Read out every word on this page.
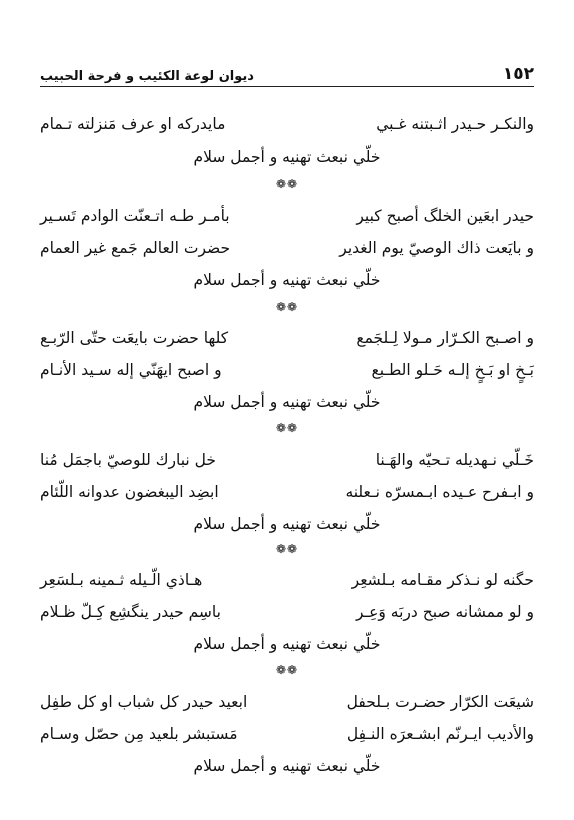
١٥٢
ديوان لوعة الكئيب و فرحة الحبيب
والنكـر حـيدر اثـبتنه غـبي
مايدركه او عرف مَنزلته تـمام
خلّي نبعث تهنيه و أجمل سلام
❁❁
حيدر ابعَين الخلگ أصبح كبير
بأمـر طـه اتـعنّت الوادم تَسـير
و بايَعت ذاك الوصيّ يوم الغدير
حضرت العالم جَمع غير العمام
خلّي نبعث تهنيه و أجمل سلام
❁❁
و اصـبح الكـرّار مـولا لِـلجَمع
كلها حضرت بايعَت حتّى الرّبـع
بَـخٍ او بَـخٍ إلـه حَـلو الطـبع
و اصبح ايهَنّي إله سـيد الأنـام
خلّي نبعث تهنيه و أجمل سلام
❁❁
خَـلّي نـهديله تـحيّه والهَـنا
خل نبارك للوصيّ باجمَل مُنا
و ابـفرح عـيده ابـمسرّه نـعلنه
ابضِد اليبغضون عدوانه اللّئام
خلّي نبعث تهنيه و أجمل سلام
❁❁
حگنه لو نـذكر مقـامه بـلشعِر
هـاذي الّـيله ثـمينه بـلسَعِر
و لو ممشانه صبح دربَه وَعِـر
باسِم حيدر ينگشِع كِـلّ ظـلام
خلّي نبعث تهنيه و أجمل سلام
❁❁
شيعَت الكرّار حضـرت بـلحفل
ابعيد حيدر كل شباب او كل طفِل
والأديب ايـرنّم ابشـعرَه النـفِل
مَستبشر بلعيد مِن حصّل وسـام
خلّي نبعث تهنيه و أجمل سلام
